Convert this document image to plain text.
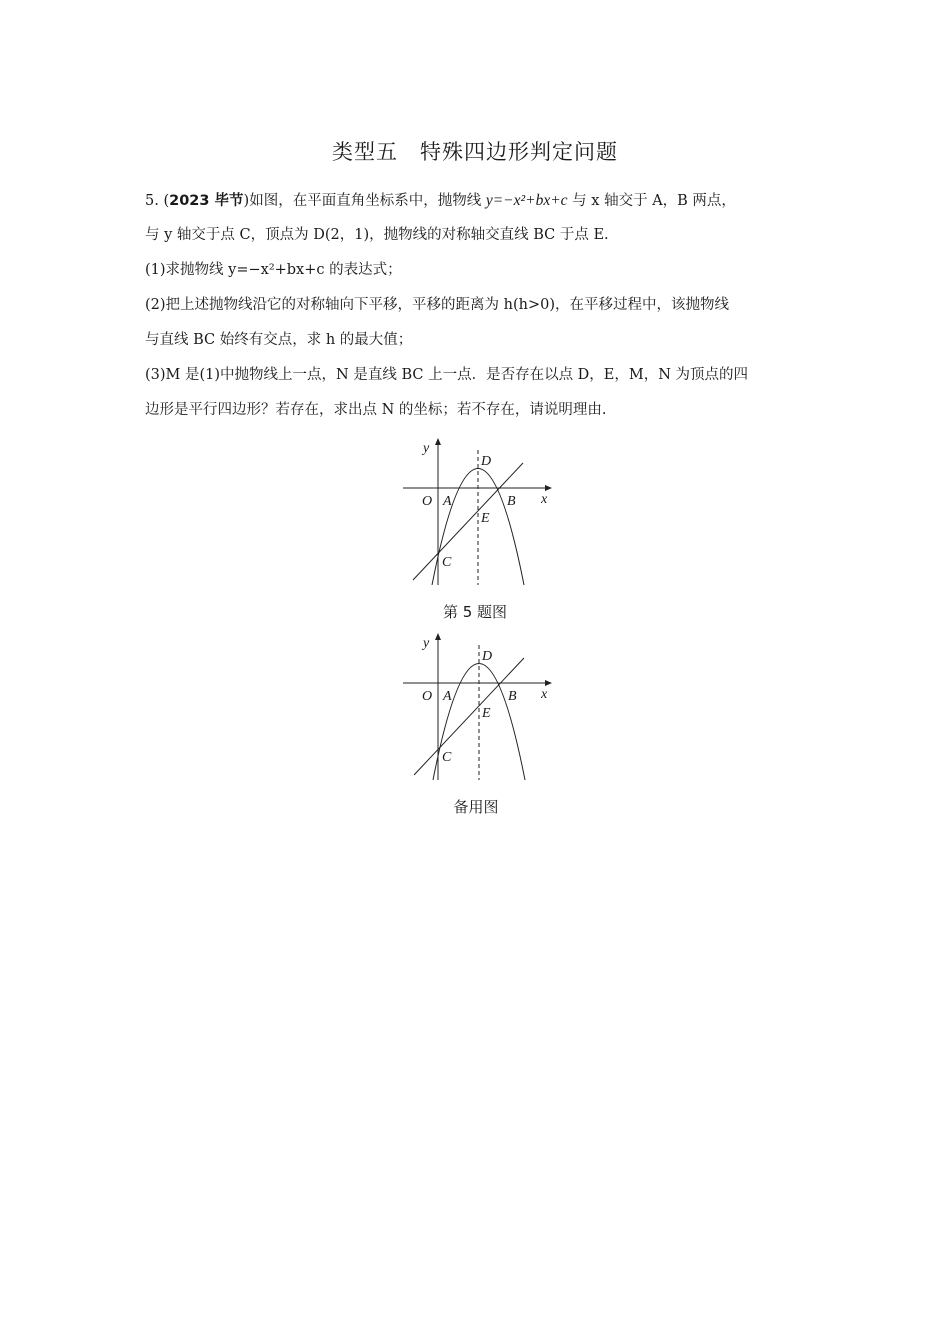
类型五 特殊四边形判定问题
5. (2023 毕节)如图，在平面直角坐标系中，抛物线 y=−x²+bx+c 与 x 轴交于 A，B 两点，
与 y 轴交于点 C，顶点为 D(2，1)，抛物线的对称轴交直线 BC 于点 E.
(1)求抛物线 y=−x²+bx+c 的表达式；
(2)把上述抛物线沿它的对称轴向下平移，平移的距离为 h(h>0)，在平移过程中，该抛物线
与直线 BC 始终有交点，求 h 的最大值；
(3)M 是(1)中抛物线上一点，N 是直线 BC 上一点．是否存在以点 D，E，M，N 为顶点的四
边形是平行四边形？若存在，求出点 N 的坐标；若不存在，请说明理由.
y
x
O A	B
C
D
E
第 5 题图
y
x
O A	B
C
D
E
备用图
